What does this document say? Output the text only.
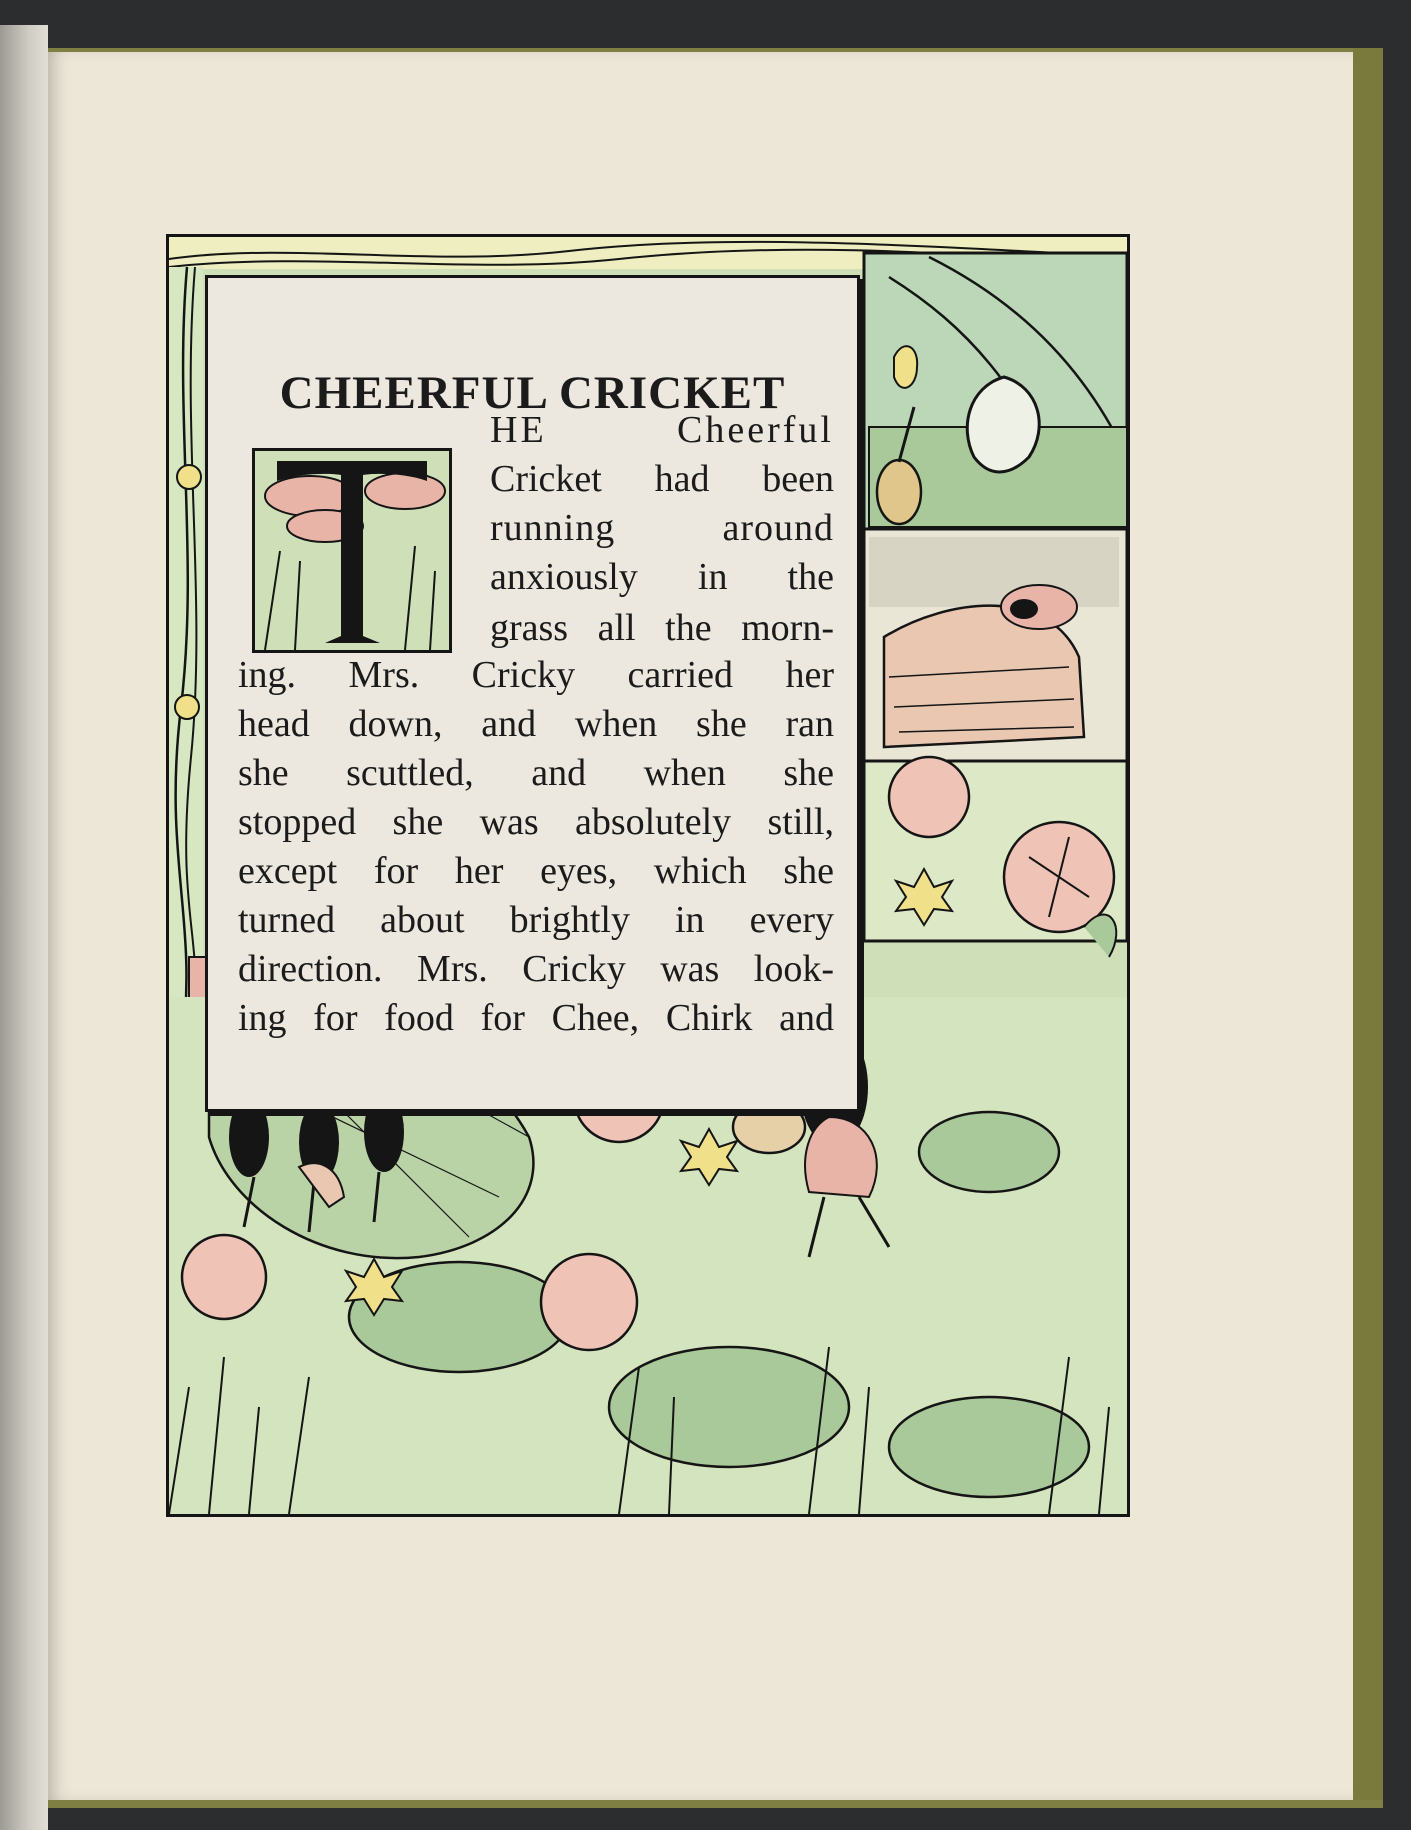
CHEERFUL CRICKET
HE Cheerful
Cricket had been
running around
anxiously in the
grass all the morn-
ing. Mrs. Cricky carried her
head down, and when she ran
she scuttled, and when she
stopped she was absolutely still,
except for her eyes, which she
turned about brightly in every
direction. Mrs. Cricky was look-
ing for food for Chee, Chirk and
